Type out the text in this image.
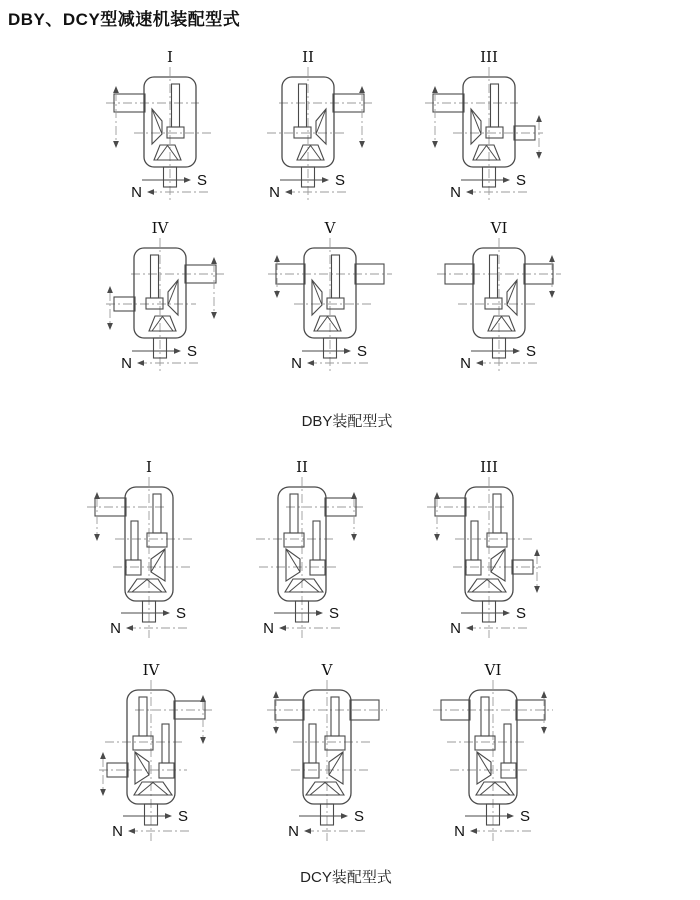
DBY、DCY型减速机装配型式
I
S
N
II
S
N
III
S
N
IV
S
N
V
S
N
VI
S
N
I
S
N
II
S
N
III
S
N
IV
S
N
V
S
N
VI
S
N
DBY装配型式
DCY装配型式
